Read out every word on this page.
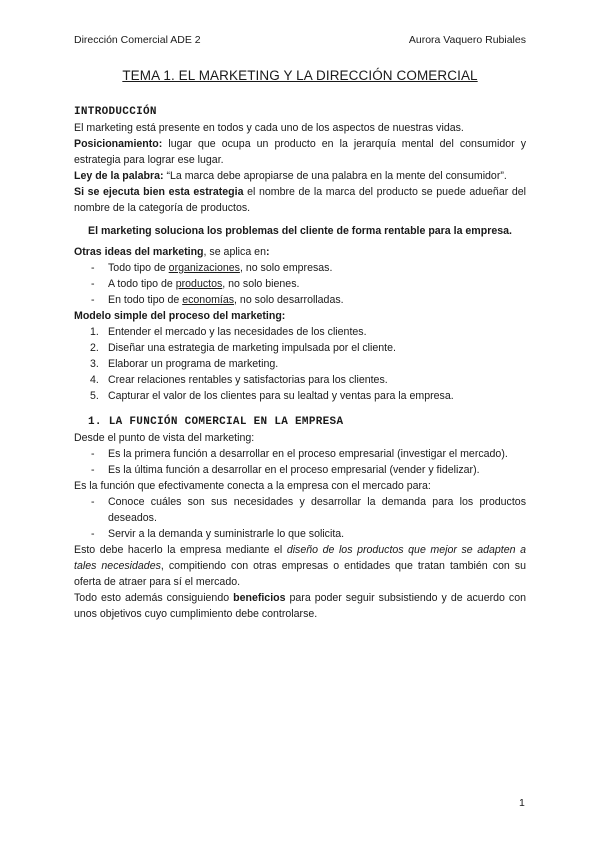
Dirección Comercial ADE 2	Aurora Vaquero Rubiales
TEMA 1. EL MARKETING Y LA DIRECCIÓN COMERCIAL

INTRODUCCIÓN

El marketing está presente en todos y cada uno de los aspectos de nuestras vidas.

Posicionamiento: lugar que ocupa un producto en la jerarquía mental del consumidor y estrategia para lograr ese lugar.

Ley de la palabra: “La marca debe apropiarse de una palabra en la mente del consumidor”.

Si se ejecuta bien esta estrategia el nombre de la marca del producto se puede adueñar del nombre de la categoría de productos.

El marketing soluciona los problemas del cliente de forma rentable para la empresa.

Otras ideas del marketing, se aplica en:

- Todo tipo de organizaciones, no solo empresas.
- A todo tipo de productos, no solo bienes.
- En todo tipo de economías, no solo desarrolladas.

Modelo simple del proceso del marketing:

1. Entender el mercado y las necesidades de los clientes.
2. Diseñar una estrategia de marketing impulsada por el cliente.
3. Elaborar un programa de marketing.
4. Crear relaciones rentables y satisfactorias para los clientes.
5. Capturar el valor de los clientes para su lealtad y ventas para la empresa.

1. LA FUNCIÓN COMERCIAL EN LA EMPRESA

Desde el punto de vista del marketing:

- Es la primera función a desarrollar en el proceso empresarial (investigar el mercado).
- Es la última función a desarrollar en el proceso empresarial (vender y fidelizar).

Es la función que efectivamente conecta a la empresa con el mercado para:

- Conoce cuáles son sus necesidades y desarrollar la demanda para los productos deseados.
- Servir a la demanda y suministrarle lo que solicita.

Esto debe hacerlo la empresa mediante el diseño de los productos que mejor se adapten a tales necesidades, compitiendo con otras empresas o entidades que tratan también con su oferta de atraer para sí el mercado.

Todo esto además consiguiendo beneficios para poder seguir subsistiendo y de acuerdo con unos objetivos cuyo cumplimiento debe controlarse.

1
